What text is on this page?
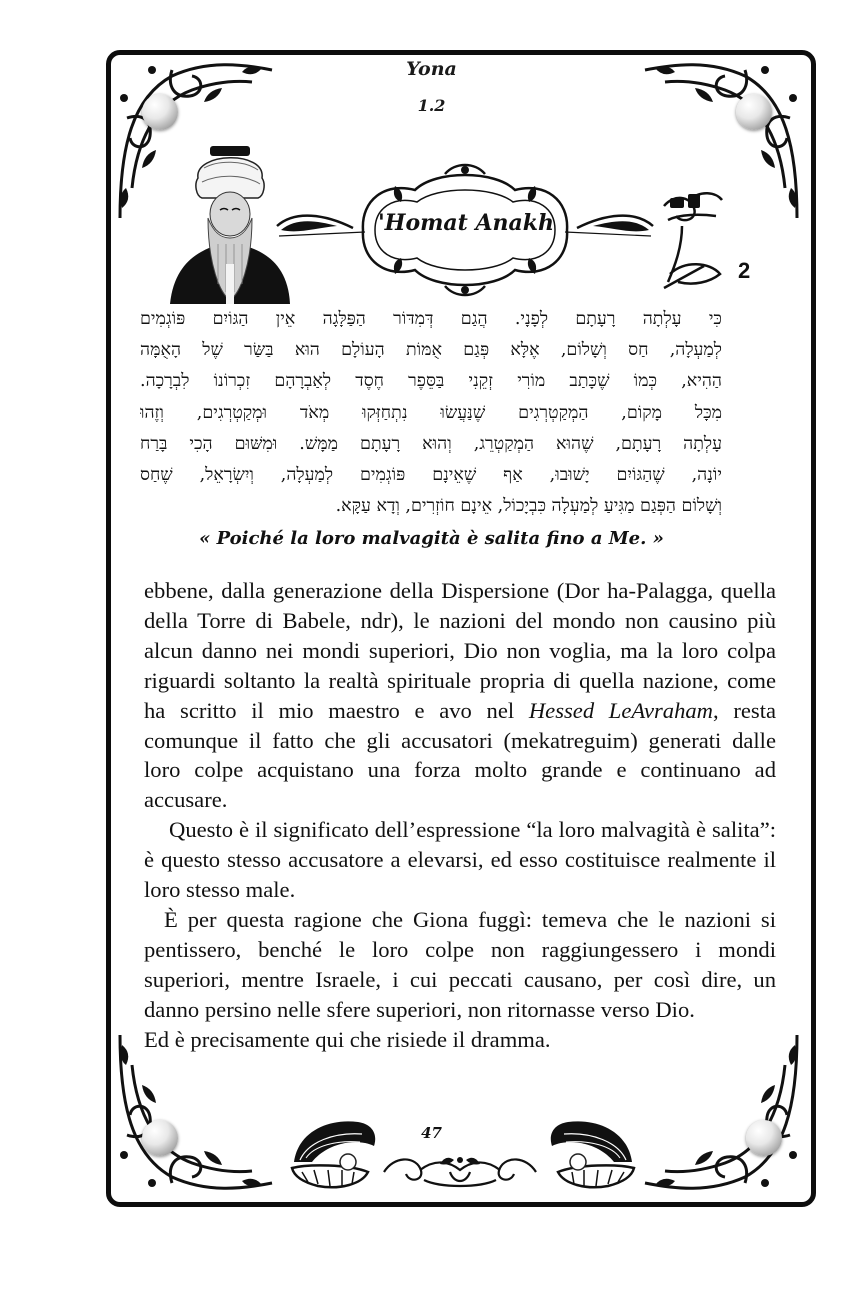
Yona
1.2
'Homat Anakh
2
כִּי עָלְתָה רָעָתָם לְפָנָי. הֲגַם דְּמִדּוֹר הַפַּלָּגָה אֵין הַגּוֹיִם פּוֹגְמִים
לְמַעְלָה, חַס וְשָׁלוֹם, אֶלָּא פְּגַם אֻמּוֹת הָעוֹלָם הוּא בַּשַּׂר שֶׁל הָאֻמָּה
הַהִיא, כְּמוֹ שֶׁכָּתַב מוֹרִי זְקֵנִי בַּסֵּפֶר חֶסֶד לְאַבְרָהָם זִכְרוֹנוֹ לִבְרָכָה.
מִכָּל מָקוֹם, הַמְקַטְרְגִים שֶׁנַּעֲשׂוּ נִתְחַזְּקוּ מְאֹד וּמְקַטְרְגִים, וְזֶהוּ
עָלְתָה רָעָתָם, שֶׁהוּא הַמְקַטְרֵג, וְהוּא רָעָתָם מַמָּשׁ. וּמִשּׁוּם הָכִי בָּרַח
יוֹנָה, שֶׁהַגּוֹיִם יָשׁוּבוּ, אַף שֶׁאֵינָם פּוֹגְמִים לְמַעְלָה, וְיִשְׂרָאֵל, שֶׁחַס
וְשָׁלוֹם הַפְּגַם מַגִּיעַ לְמַעְלָה כִּבְיָכוֹל, אֵינָם חוֹזְרִים, וְדָא עַקָּא.
« Poiché la loro malvagità è salita fino a Me. »

ebbene, dalla generazione della Dispersione (Dor ha-Palagga, quella della Torre di Babele, ndr), le nazioni del mondo non causino più alcun danno nei mondi superiori, Dio non voglia, ma la loro colpa riguardi soltanto la realtà spirituale propria di quella nazione, come ha scritto il mio maestro e avo nel Hessed LeAvraham, resta comunque il fatto che gli accusatori (mekatreguim) generati dalle loro colpe acquistano una forza molto grande e continuano ad accusare.

Questo è il significato dell’espressione “la loro malvagità è salita”: è questo stesso accusatore a elevarsi, ed esso costituisce realmente il loro stesso male.

È per questa ragione che Giona fuggì: temeva che le nazioni si pentissero, benché le loro colpe non raggiungessero i mondi superiori, mentre Israele, i cui peccati causano, per così dire, un danno persino nelle sfere superiori, non ritornasse verso Dio.

Ed è precisamente qui che risiede il dramma.

47
